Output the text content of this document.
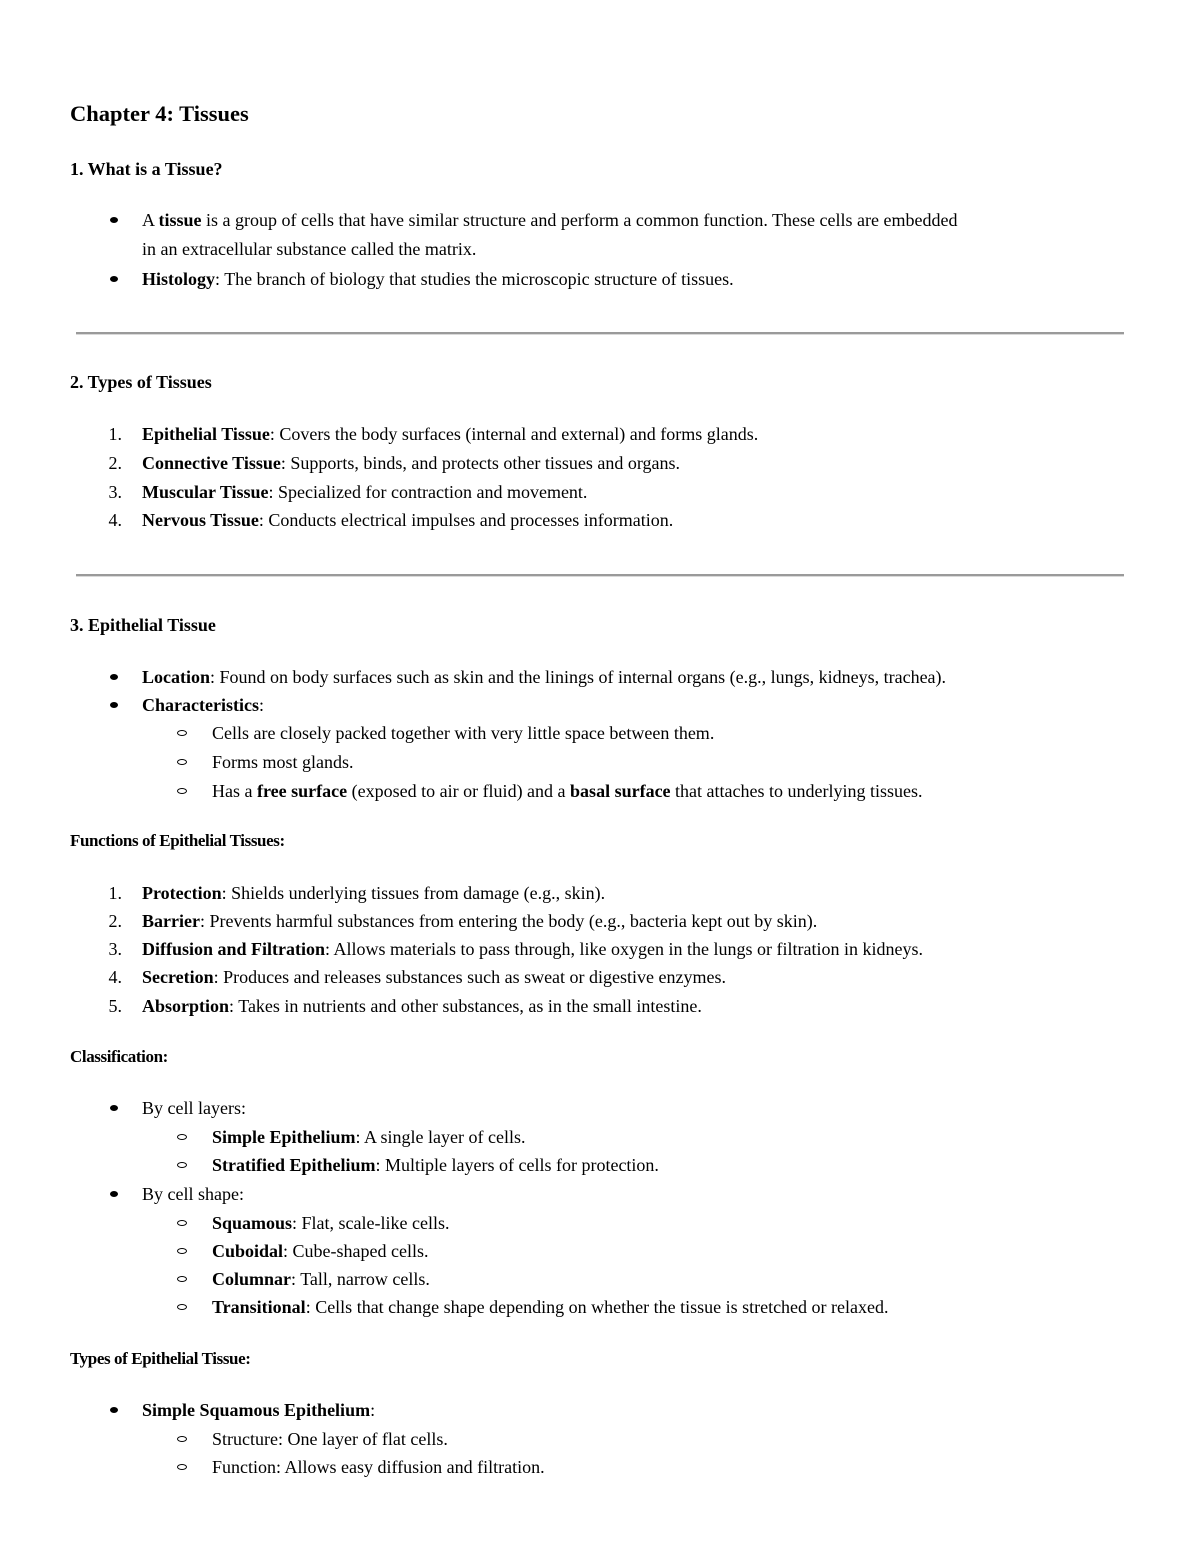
Chapter 4: Tissues
1. What is a Tissue?
A tissue is a group of cells that have similar structure and perform a common function. These cells are embedded
in an extracellular substance called the matrix.
Histology: The branch of biology that studies the microscopic structure of tissues.
2. Types of Tissues
1. Epithelial Tissue: Covers the body surfaces (internal and external) and forms glands.
2. Connective Tissue: Supports, binds, and protects other tissues and organs.
3. Muscular Tissue: Specialized for contraction and movement.
4. Nervous Tissue: Conducts electrical impulses and processes information.
3. Epithelial Tissue
Location: Found on body surfaces such as skin and the linings of internal organs (e.g., lungs, kidneys, trachea).
Characteristics:
Cells are closely packed together with very little space between them.
Forms most glands.
Has a free surface (exposed to air or fluid) and a basal surface that attaches to underlying tissues.
Functions of Epithelial Tissues:
1. Protection: Shields underlying tissues from damage (e.g., skin).
2. Barrier: Prevents harmful substances from entering the body (e.g., bacteria kept out by skin).
3. Diffusion and Filtration: Allows materials to pass through, like oxygen in the lungs or filtration in kidneys.
4. Secretion: Produces and releases substances such as sweat or digestive enzymes.
5. Absorption: Takes in nutrients and other substances, as in the small intestine.
Classification:
By cell layers:
Simple Epithelium: A single layer of cells.
Stratified Epithelium: Multiple layers of cells for protection.
By cell shape:
Squamous: Flat, scale-like cells.
Cuboidal: Cube-shaped cells.
Columnar: Tall, narrow cells.
Transitional: Cells that change shape depending on whether the tissue is stretched or relaxed.
Types of Epithelial Tissue:
Simple Squamous Epithelium:
Structure: One layer of flat cells.
Function: Allows easy diffusion and filtration.
